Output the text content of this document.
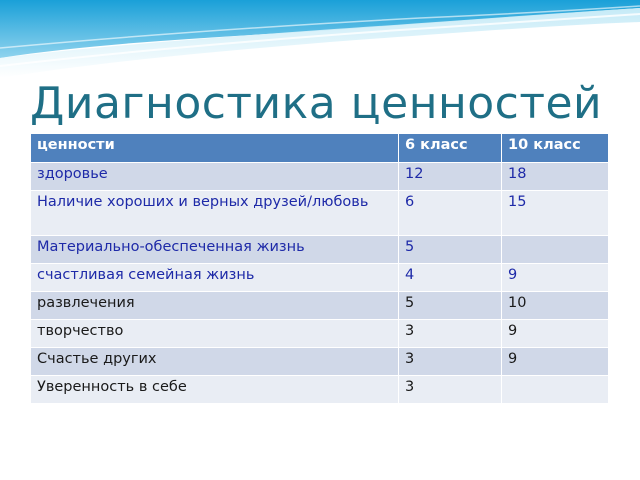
Диагностика ценностей
ценности	6 класс	10 класс
здоровье	12	18
Наличие хороших и верных друзей/любовь	6	15
Материально-обеспеченная жизнь	5	
счастливая семейная жизнь	4	9
развлечения	5	10
творчество	3	9
Счастье других	3	9
Уверенность в себе	3	
